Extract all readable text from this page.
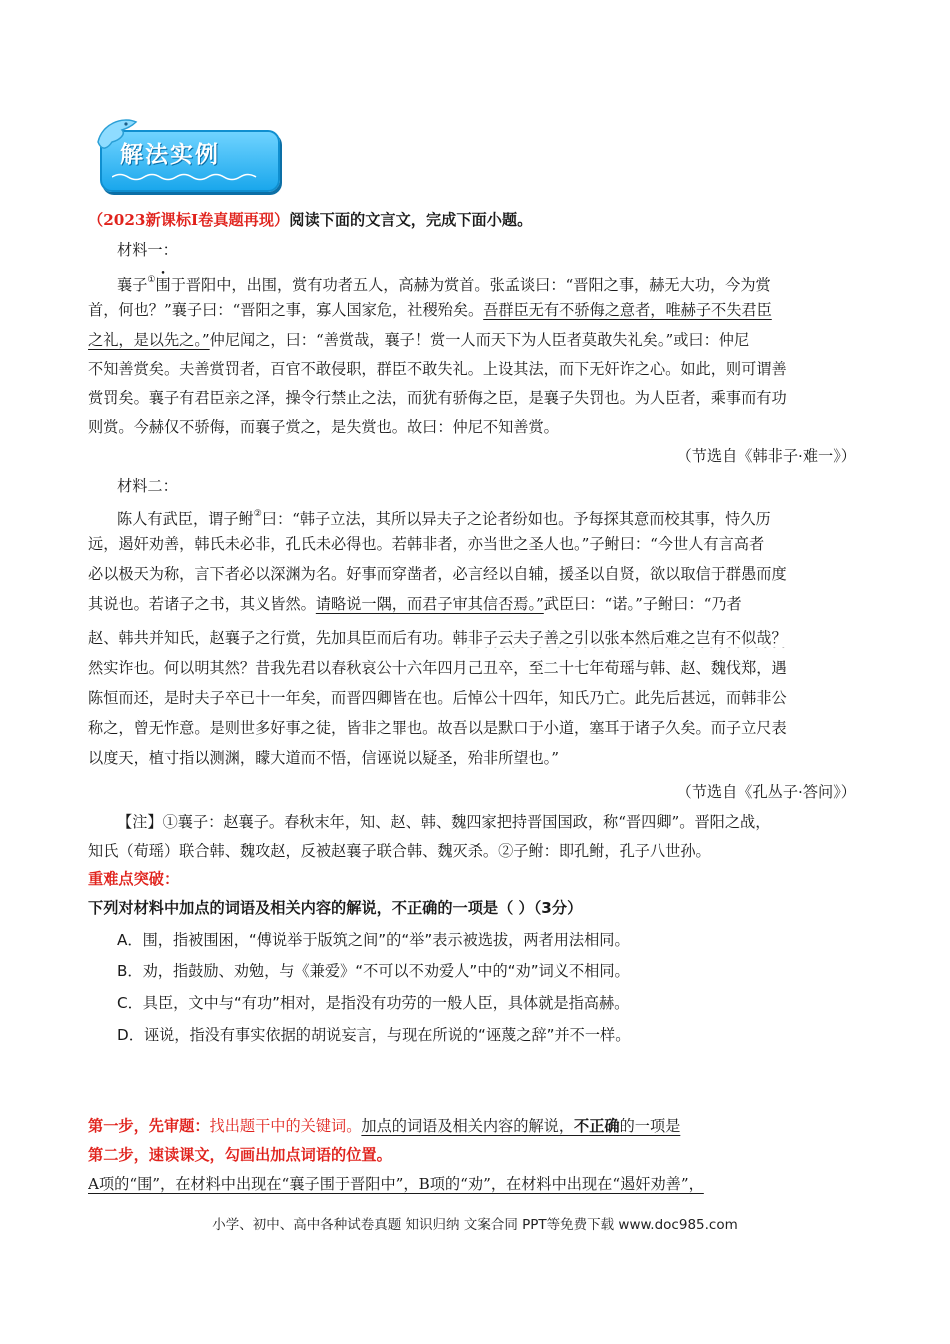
解法实例
（2023新课标I卷真题再现）阅读下面的文言文，完成下面小题。
材料一：
襄子①围于晋阳中，出围，赏有功者五人，高赫为赏首。张孟谈曰：“晋阳之事，赫无大功，今为赏
首，何也？”襄子曰：“晋阳之事，寡人国家危，社稷殆矣。吾群臣无有不骄侮之意者，唯赫子不失君臣
之礼，是以先之。”仲尼闻之，曰：“善赏哉，襄子！赏一人而天下为人臣者莫敢失礼矣。”或曰：仲尼
不知善赏矣。夫善赏罚者，百官不敢侵职，群臣不敢失礼。上设其法，而下无奸诈之心。如此，则可谓善
赏罚矣。襄子有君臣亲之泽，操令行禁止之法，而犹有骄侮之臣，是襄子失罚也。为人臣者，乘事而有功
则赏。今赫仅不骄侮，而襄子赏之，是失赏也。故曰：仲尼不知善赏。
（节选自《韩非子·难一》）
材料二：
陈人有武臣，谓子鲋②曰：“韩子立法，其所以异夫子之论者纷如也。予每探其意而校其事，恃久历
远，遏奸劝善，韩氏未必非，孔氏未必得也。若韩非者，亦当世之圣人也。”子鲋曰：“今世人有言高者
必以极天为称，言下者必以深渊为名。好事而穿凿者，必言经以自辅，援圣以自贤，欲以取信于群愚而度
其说也。若诸子之书，其义皆然。请略说一隅，而君子审其信否焉。”武臣曰：“诺。”子鲋曰：“乃者
赵、韩共并知氏，赵襄子之行赏，先加具臣而后有功。韩非子云夫子善之引以张本然后难之岂有不似哉？
然实诈也。何以明其然？昔我先君以春秋哀公十六年四月己丑卒，至二十七年荀瑶与韩、赵、魏伐郑，遇
陈恒而还，是时夫子卒已十一年矣，而晋四卿皆在也。后悼公十四年，知氏乃亡。此先后甚远，而韩非公
称之，曾无怍意。是则世多好事之徒，皆非之罪也。故吾以是默口于小道，塞耳于诸子久矣。而子立尺表
以度天，植寸指以测渊，矇大道而不悟，信诬说以疑圣，殆非所望也。”
（节选自《孔丛子·答问》）
【注】①襄子：赵襄子。春秋末年，知、赵、韩、魏四家把持晋国国政，称“晋四卿”。晋阳之战，
知氏（荀瑶）联合韩、魏攻赵，反被赵襄子联合韩、魏灭杀。②子鲋：即孔鲋，孔子八世孙。
重难点突破：
下列对材料中加点的词语及相关内容的解说，不正确的一项是（ ）（3分）
A．围，指被围困，“傅说举于版筑之间”的“举”表示被选拔，两者用法相同。
B．劝，指鼓励、劝勉，与《兼爱》“不可以不劝爱人”中的“劝”词义不相同。
C．具臣，文中与“有功”相对，是指没有功劳的一般人臣，具体就是指高赫。
D．诬说，指没有事实依据的胡说妄言，与现在所说的“诬蔑之辞”并不一样。
第一步，先审题：找出题干中的关键词。加点的词语及相关内容的解说，不正确的一项是
第二步，速读课文，勾画出加点词语的位置。
A项的“围”，在材料中出现在“襄子围于晋阳中”，B项的“劝”，在材料中出现在“遏奸劝善”，
小学、初中、高中各种试卷真题 知识归纳 文案合同 PPT等免费下载 www.doc985.com
